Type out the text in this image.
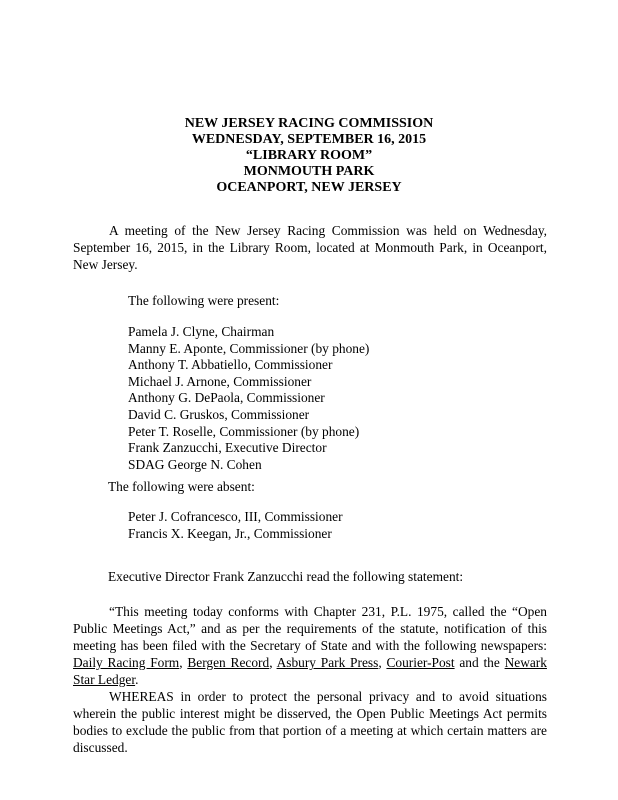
NEW JERSEY RACING COMMISSION
WEDNESDAY, SEPTEMBER 16, 2015
“LIBRARY ROOM”
MONMOUTH PARK
OCEANPORT, NEW JERSEY
A meeting of the New Jersey Racing Commission was held on Wednesday, September 16, 2015, in the Library Room, located at Monmouth Park, in Oceanport, New Jersey.
The following were present:
Pamela J. Clyne, Chairman
Manny E. Aponte, Commissioner (by phone)
Anthony T. Abbatiello, Commissioner
Michael J. Arnone, Commissioner
Anthony G. DePaola, Commissioner
David C. Gruskos, Commissioner
Peter T. Roselle, Commissioner (by phone)
Frank Zanzucchi, Executive Director
SDAG George N. Cohen
The following were absent:
Peter J. Cofrancesco, III, Commissioner
Francis X. Keegan, Jr., Commissioner
Executive Director Frank Zanzucchi read the following statement:
“This meeting today conforms with Chapter 231, P.L. 1975, called the “Open Public Meetings Act,” and as per the requirements of the statute, notification of this meeting has been filed with the Secretary of State and with the following newspapers: Daily Racing Form, Bergen Record, Asbury Park Press, Courier-Post and the Newark Star Ledger.
WHEREAS in order to protect the personal privacy and to avoid situations wherein the public interest might be disserved, the Open Public Meetings Act permits bodies to exclude the public from that portion of a meeting at which certain matters are discussed.
